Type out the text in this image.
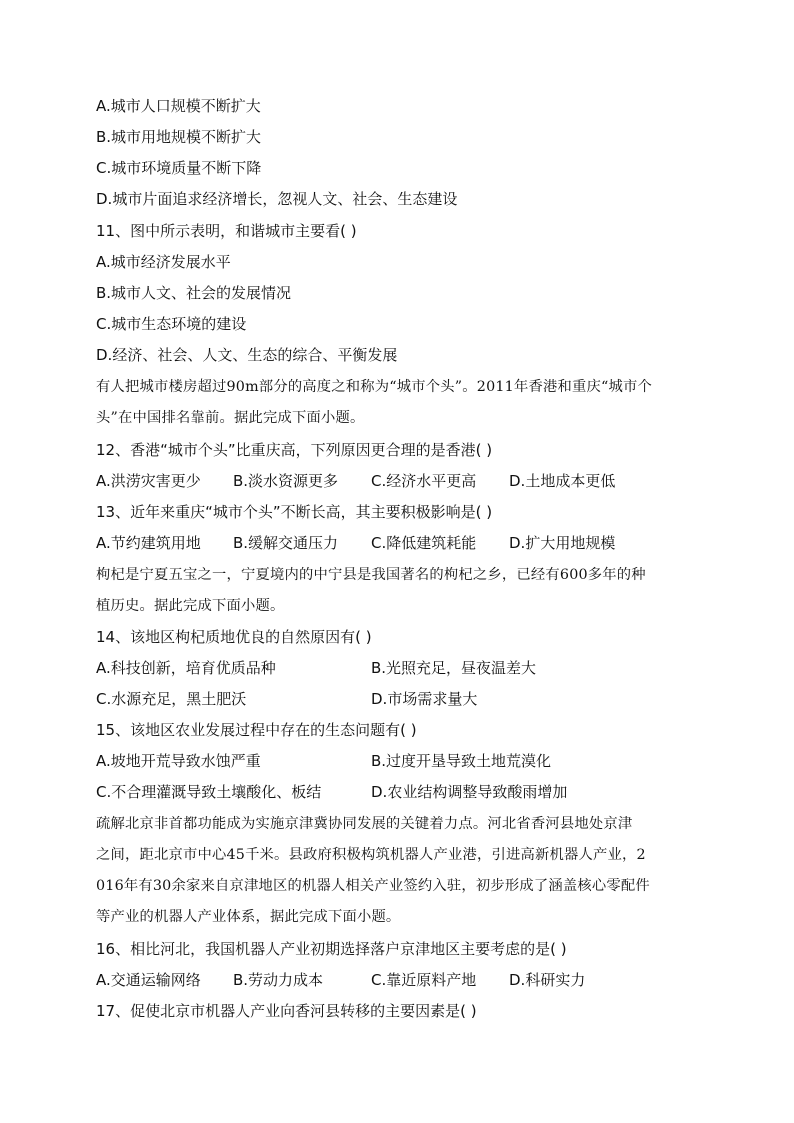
A.城市人口规模不断扩大
B.城市用地规模不断扩大
C.城市环境质量不断下降
D.城市片面追求经济增长，忽视人文、社会、生态建设
11、图中所示表明，和谐城市主要看( )
A.城市经济发展水平
B.城市人文、社会的发展情况
C.城市生态环境的建设
D.经济、社会、人文、生态的综合、平衡发展
有人把城市楼房超过90m部分的高度之和称为“城市个头”。2011年香港和重庆“城市个
头”在中国排名靠前。据此完成下面小题。
12、香港“城市个头”比重庆高，下列原因更合理的是香港( )
A.洪涝灾害更少 B.淡水资源更多 C.经济水平更高 D.土地成本更低
13、近年来重庆“城市个头”不断长高，其主要积极影响是( )
A.节约建筑用地 B.缓解交通压力 C.降低建筑耗能 D.扩大用地规模
枸杞是宁夏五宝之一，宁夏境内的中宁县是我国著名的枸杞之乡，已经有600多年的种
植历史。据此完成下面小题。
14、该地区枸杞质地优良的自然原因有( )
A.科技创新，培育优质品种	B.光照充足，昼夜温差大
C.水源充足，黑土肥沃	D.市场需求量大
15、该地区农业发展过程中存在的生态问题有( )
A.坡地开荒导致水蚀严重	B.过度开垦导致土地荒漠化
C.不合理灌溉导致土壤酸化、板结	D.农业结构调整导致酸雨增加
疏解北京非首都功能成为实施京津冀协同发展的关键着力点。河北省香河县地处京津
之间，距北京市中心45千米。县政府积极构筑机器人产业港，引进高新机器人产业，2
016年有30余家来自京津地区的机器人相关产业签约入驻，初步形成了涵盖核心零配件
等产业的机器人产业体系，据此完成下面小题。
16、相比河北，我国机器人产业初期选择落户京津地区主要考虑的是( )
A.交通运输网络 B.劳动力成本	C.靠近原料产地 D.科研实力
17、促使北京市机器人产业向香河县转移的主要因素是( )
